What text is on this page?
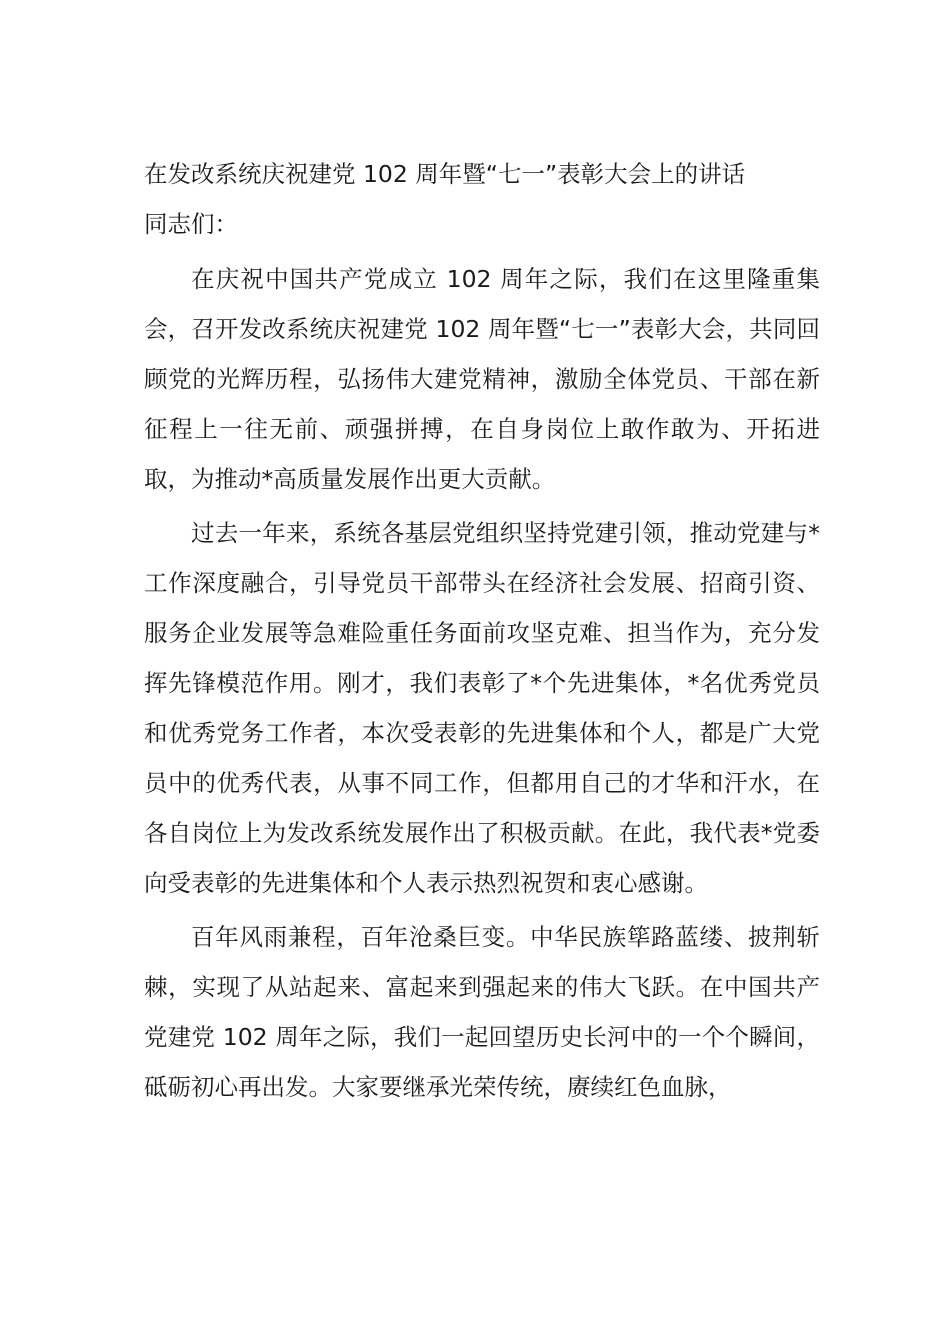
在发改系统庆祝建党 102 周年暨“七一”表彰大会上的讲话
同志们：

在庆祝中国共产党成立 102 周年之际，我们在这里隆重集会，召开发改系统庆祝建党 102 周年暨“七一”表彰大会，共同回顾党的光辉历程，弘扬伟大建党精神，激励全体党员、干部在新征程上一往无前、顽强拼搏，在自身岗位上敢作敢为、开拓进取，为推动*高质量发展作出更大贡献。

过去一年来，系统各基层党组织坚持党建引领，推动党建与*工作深度融合，引导党员干部带头在经济社会发展、招商引资、服务企业发展等急难险重任务面前攻坚克难、担当作为，充分发挥先锋模范作用。刚才，我们表彰了*个先进集体，*名优秀党员和优秀党务工作者，本次受表彰的先进集体和个人，都是广大党员中的优秀代表，从事不同工作，但都用自己的才华和汗水，在各自岗位上为发改系统发展作出了积极贡献。在此，我代表*党委向受表彰的先进集体和个人表示热烈祝贺和衷心感谢。

百年风雨兼程，百年沧桑巨变。中华民族筚路蓝缕、披荆斩棘，实现了从站起来、富起来到强起来的伟大飞跃。在中国共产党建党 102 周年之际，我们一起回望历史长河中的一个个瞬间，砥砺初心再出发。大家要继承光荣传统，赓续红色血脉，
